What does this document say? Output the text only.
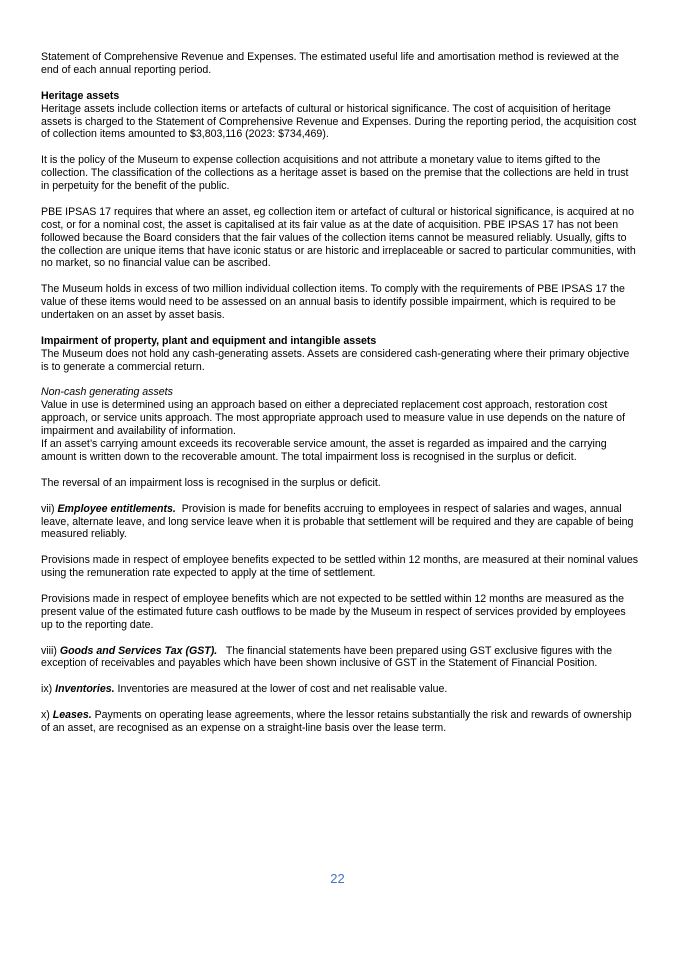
Statement of Comprehensive Revenue and Expenses. The estimated useful life and amortisation method is reviewed at the end of each annual reporting period.

Heritage assets
Heritage assets include collection items or artefacts of cultural or historical significance. The cost of acquisition of heritage assets is charged to the Statement of Comprehensive Revenue and Expenses. During the reporting period, the acquisition cost of collection items amounted to $3,803,116 (2023: $734,469).

It is the policy of the Museum to expense collection acquisitions and not attribute a monetary value to items gifted to the collection. The classification of the collections as a heritage asset is based on the premise that the collections are held in trust in perpetuity for the benefit of the public.

PBE IPSAS 17 requires that where an asset, eg collection item or artefact of cultural or historical significance, is acquired at no cost, or for a nominal cost, the asset is capitalised at its fair value as at the date of acquisition. PBE IPSAS 17 has not been followed because the Board considers that the fair values of the collection items cannot be measured reliably. Usually, gifts to the collection are unique items that have iconic status or are historic and irreplaceable or sacred to particular communities, with no market, so no financial value can be ascribed.

The Museum holds in excess of two million individual collection items. To comply with the requirements of PBE IPSAS 17 the value of these items would need to be assessed on an annual basis to identify possible impairment, which is required to be undertaken on an asset by asset basis.

Impairment of property, plant and equipment and intangible assets
The Museum does not hold any cash-generating assets. Assets are considered cash-generating where their primary objective is to generate a commercial return.

Non-cash generating assets
Value in use is determined using an approach based on either a depreciated replacement cost approach, restoration cost approach, or service units approach. The most appropriate approach used to measure value in use depends on the nature of impairment and availability of information.
If an asset’s carrying amount exceeds its recoverable service amount, the asset is regarded as impaired and the carrying amount is written down to the recoverable amount. The total impairment loss is recognised in the surplus or deficit.

The reversal of an impairment loss is recognised in the surplus or deficit.

vii) Employee entitlements.  Provision is made for benefits accruing to employees in respect of salaries and wages, annual leave, alternate leave, and long service leave when it is probable that settlement will be required and they are capable of being measured reliably.

Provisions made in respect of employee benefits expected to be settled within 12 months, are measured at their nominal values using the remuneration rate expected to apply at the time of settlement.

Provisions made in respect of employee benefits which are not expected to be settled within 12 months are measured as the present value of the estimated future cash outflows to be made by the Museum in respect of services provided by employees up to the reporting date.

viii) Goods and Services Tax (GST).   The financial statements have been prepared using GST exclusive figures with the exception of receivables and payables which have been shown inclusive of GST in the Statement of Financial Position.

ix) Inventories. Inventories are measured at the lower of cost and net realisable value.

x) Leases. Payments on operating lease agreements, where the lessor retains substantially the risk and rewards of ownership of an asset, are recognised as an expense on a straight-line basis over the lease term.

22
